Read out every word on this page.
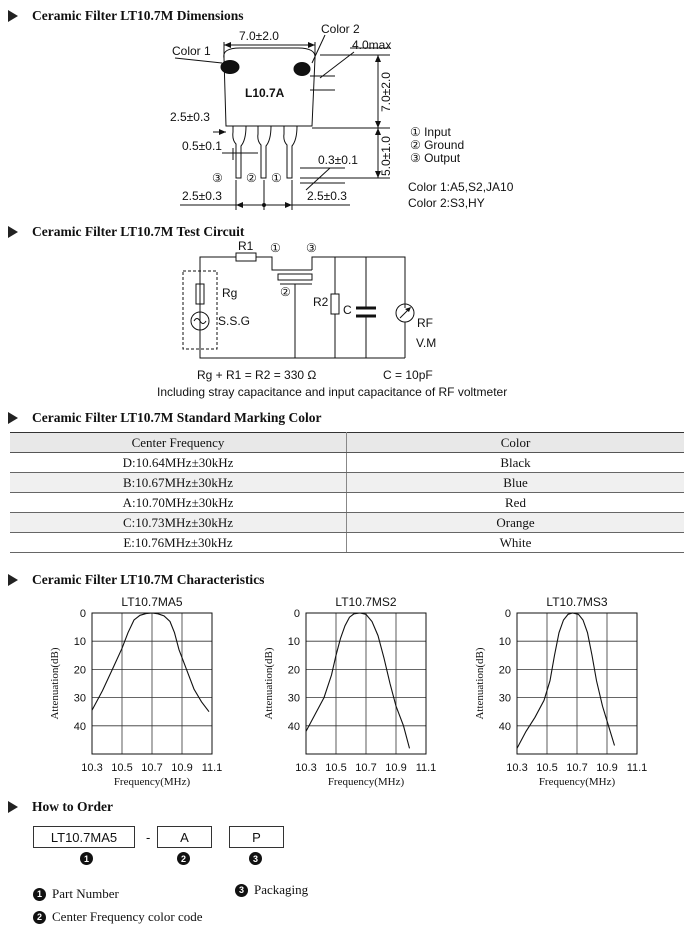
Ceramic Filter LT10.7M Dimensions
Ceramic Filter LT10.7M Test Circuit
Ceramic Filter LT10.7M Standard Marking Color
Ceramic Filter LT10.7M Characteristics
How to Order
Color 1
Color 2
7.0±2.0
4.0max
L10.7A	7.0±2.0
5.0±1.0
2.5±0.3
0.5±0.1
0.3±0.1
2.5±0.3	2.5±0.3
③ ② ①
① Input
② Ground
③ Output
Color 1:A5,S2,JA10
Color 2:S3,HY
R1 ① ③
②
Rg
S.S.G
R2
C
RF
V.M
Rg + R1 = R2 = 330 Ω	C = 10pF
Including stray capacitance and input capacitance of RF voltmeter
Center Frequency	Color
D:10.64MHz±30kHz	Black
B:10.67MHz±30kHz	Blue
A:10.70MHz±30kHz	Red
C:10.73MHz±30kHz	Orange
E:10.76MHz±30kHz	White
0
10
20
30
40
10.3 10.5 10.7 10.9 11.1
LT10.7MA5
Frequency(MHz)
Attenuation(dB)
0
10
20
30
40
10.3 10.5 10.7 10.9 11.1
LT10.7MS2
Frequency(MHz)
Attenuation(dB)
0
10
20
30
40
10.3 10.5 10.7 10.9 11.1
LT10.7MS3
Frequency(MHz)
Attenuation(dB)
LT10.7MA5	-	A	P
1	2	3
1 Part Number
2 Center Frequency color code
3 Packaging
